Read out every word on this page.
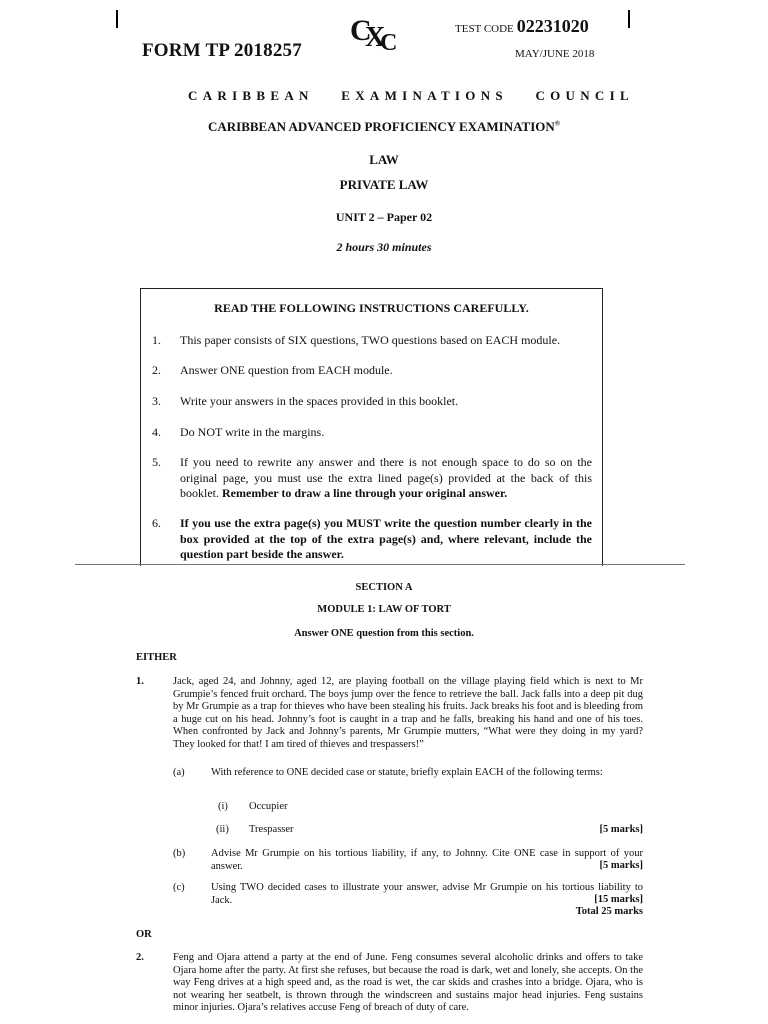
FORM TP 2018257
C
X
C
TEST CODE 02231020
MAY/JUNE 2018
CARIBBEAN EXAMINATIONS COUNCIL
CARIBBEAN ADVANCED PROFICIENCY EXAMINATION®
LAW
PRIVATE LAW
UNIT 2 – Paper 02
2 hours 30 minutes
READ THE FOLLOWING INSTRUCTIONS CAREFULLY.
1. This paper consists of SIX questions, TWO questions based on EACH module.
2. Answer ONE question from EACH module.
3. Write your answers in the spaces provided in this booklet.
4. Do NOT write in the margins.
5. If you need to rewrite any answer and there is not enough space to do so on the original page, you must use the extra lined page(s) provided at the back of this booklet. Remember to draw a line through your original answer.
6. If you use the extra page(s) you MUST write the question number clearly in the box provided at the top of the extra page(s) and, where relevant, include the question part beside the answer.
SECTION A
MODULE 1: LAW OF TORT
Answer ONE question from this section.
EITHER
1.	Jack, aged 24, and Johnny, aged 12, are playing football on the village playing field which is next to Mr Grumpie’s fenced fruit orchard. The boys jump over the fence to retrieve the ball. Jack falls into a deep pit dug by Mr Grumpie as a trap for thieves who have been stealing his fruits. Jack breaks his foot and is bleeding from a huge cut on his head. Johnny’s foot is caught in a trap and he falls, breaking his hand and one of his toes. When confronted by Jack and Johnny’s parents, Mr Grumpie mutters, “What were they doing in my yard? They looked for that! I am tired of thieves and trespassers!”
(a)	With reference to ONE decided case or statute, briefly explain EACH of the following terms:
(i) Occupier
(ii) Trespasser	[5 marks]
(b) Advise Mr Grumpie on his tortious liability, if any, to Johnny. Cite ONE case in support of your answer.	[5 marks]
(c)	Using TWO decided cases to illustrate your answer, advise Mr Grumpie on his tortious liability to Jack.	[15 marks]
Total 25 marks
OR
2.	Feng and Ojara attend a party at the end of June. Feng consumes several alcoholic drinks and offers to take Ojara home after the party. At first she refuses, but because the road is dark, wet and lonely, she accepts. On the way Feng drives at a high speed and, as the road is wet, the car skids and crashes into a bridge. Ojara, who is not wearing her seatbelt, is thrown through the windscreen and sustains major head injuries. Feng sustains minor injuries. Ojara’s relatives accuse Feng of breach of duty of care.
